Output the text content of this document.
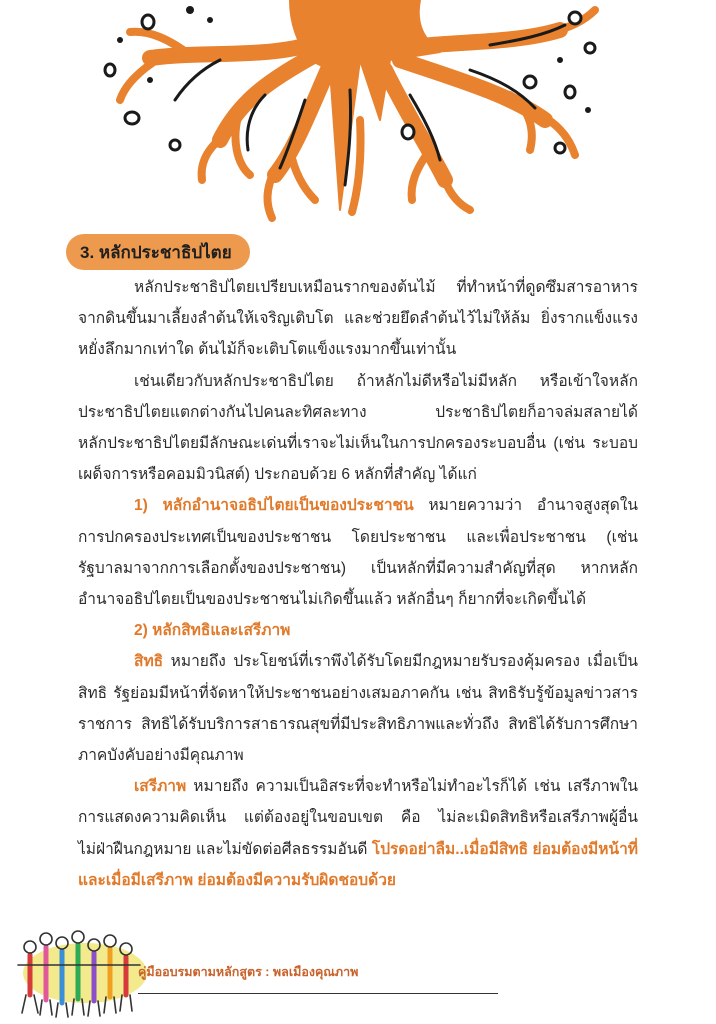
3. หลักประชาธิปไตย

หลักประชาธิปไตยเปรียบเหมือนรากของต้นไม้ ที่ทำหน้าที่ดูดซึมสารอาหาร
จากดินขึ้นมาเลี้ยงลำต้นให้เจริญเติบโต และช่วยยึดลำต้นไว้ไม่ให้ล้ม ยิ่งรากแข็งแรง
หยั่งลึกมากเท่าใด ต้นไม้ก็จะเติบโตแข็งแรงมากขึ้นเท่านั้น

เช่นเดียวกับหลักประชาธิปไตย ถ้าหลักไม่ดีหรือไม่มีหลัก หรือเข้าใจหลัก
ประชาธิปไตยแตกต่างกันไปคนละทิศละทาง ประชาธิปไตยก็อาจล่มสลายได้
หลักประชาธิปไตยมีลักษณะเด่นที่เราจะไม่เห็นในการปกครองระบอบอื่น (เช่น ระบอบ
เผด็จการหรือคอมมิวนิสต์) ประกอบด้วย 6 หลักที่สำคัญ ได้แก่

1) หลักอำนาจอธิปไตยเป็นของประชาชน หมายความว่า อำนาจสูงสุดใน
การปกครองประเทศเป็นของประชาชน โดยประชาชน และเพื่อประชาชน (เช่น
รัฐบาลมาจากการเลือกตั้งของประชาชน) เป็นหลักที่มีความสำคัญที่สุด หากหลัก
อำนาจอธิปไตยเป็นของประชาชนไม่เกิดขึ้นแล้ว หลักอื่นๆ ก็ยากที่จะเกิดขึ้นได้

2) หลักสิทธิและเสรีภาพ

สิทธิ หมายถึง ประโยชน์ที่เราพึงได้รับโดยมีกฎหมายรับรองคุ้มครอง เมื่อเป็น
สิทธิ รัฐย่อมมีหน้าที่จัดหาให้ประชาชนอย่างเสมอภาคกัน เช่น สิทธิรับรู้ข้อมูลข่าวสาร
ราชการ สิทธิได้รับบริการสาธารณสุขที่มีประสิทธิภาพและทั่วถึง สิทธิได้รับการศึกษา
ภาคบังคับอย่างมีคุณภาพ

เสรีภาพ หมายถึง ความเป็นอิสระที่จะทำหรือไม่ทำอะไรก็ได้ เช่น เสรีภาพใน
การแสดงความคิดเห็น แต่ต้องอยู่ในขอบเขต คือ ไม่ละเมิดสิทธิหรือเสรีภาพผู้อื่น
ไม่ฝ่าฝืนกฎหมาย และไม่ขัดต่อศีลธรรมอันดี โปรดอย่าลืม..เมื่อมีสิทธิ ย่อมต้องมีหน้าที่
และเมื่อมีเสรีภาพ ย่อมต้องมีความรับผิดชอบด้วย

คู่มืออบรมตามหลักสูตร : พลเมืองคุณภาพ
